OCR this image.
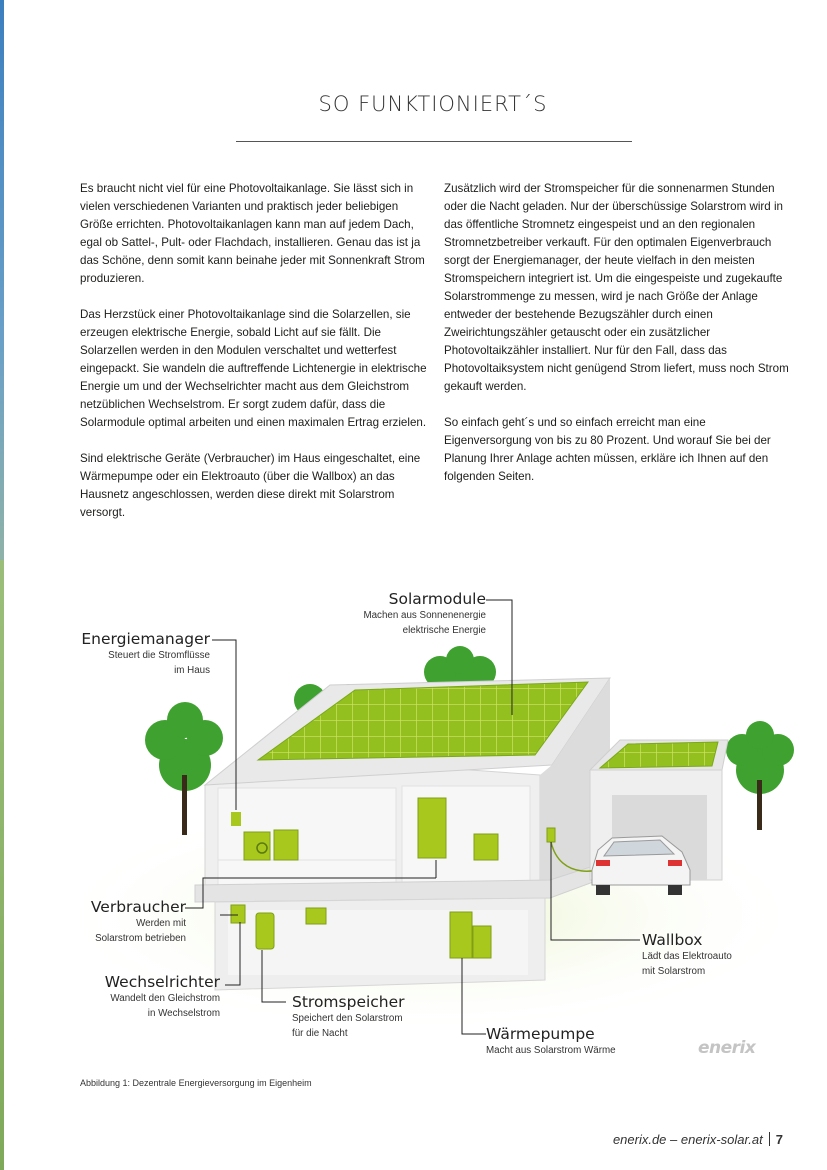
SO FUNKTIONIERT´S

Es braucht nicht viel für eine Photovoltaikanlage. Sie lässt sich in vielen verschiedenen Varianten und praktisch jeder beliebigen Größe errichten. Photovoltaikanlagen kann man auf jedem Dach, egal ob Sattel-, Pult- oder Flachdach, installieren. Genau das ist ja das Schöne, denn somit kann beinahe jeder mit Sonnenkraft Strom produzieren.

Das Herzstück einer Photovoltaikanlage sind die Solarzellen, sie erzeugen elektrische Energie, sobald Licht auf sie fällt. Die Solarzellen werden in den Modulen verschaltet und wetterfest eingepackt. Sie wandeln die auftreffende Lichtenergie in elektrische Energie um und der Wechselrichter macht aus dem Gleichstrom netzüblichen Wechselstrom. Er sorgt zudem dafür, dass die Solarmodule optimal arbeiten und einen maximalen Ertrag erzielen.

Sind elektrische Geräte (Verbraucher) im Haus eingeschaltet, eine Wärmepumpe oder ein Elektroauto (über die Wallbox) an das Hausnetz angeschlossen, werden diese direkt mit Solarstrom versorgt.

Zusätzlich wird der Stromspeicher für die sonnenarmen Stunden oder die Nacht geladen. Nur der überschüssige Solarstrom wird in das öffentliche Stromnetz eingespeist und an den regionalen Stromnetzbetreiber verkauft. Für den optimalen Eigenverbrauch sorgt der Energiemanager, der heute vielfach in den meisten Stromspeichern integriert ist. Um die eingespeiste und zugekaufte Solarstrommenge zu messen, wird je nach Größe der Anlage entweder der bestehende Bezugszähler durch einen Zweirichtungszähler getauscht oder ein zusätzlicher Photovoltaikzähler installiert. Nur für den Fall, dass das Photovoltaiksystem nicht genügend Strom liefert, muss noch Strom gekauft werden.

So einfach geht´s und so einfach erreicht man eine Eigenversorgung von bis zu 80 Prozent. Und worauf Sie bei der Planung Ihrer Anlage achten müssen, erkläre ich Ihnen auf den folgenden Seiten.

Solarmodule
Machen aus Sonnenenergie
elektrische Energie
Energiemanager
Steuert die Stromflüsse
im Haus
Verbraucher
Werden mit
Solarstrom betrieben
Wechselrichter
Wandelt den Gleichstrom
in Wechselstrom
Stromspeicher
Speichert den Solarstrom
für die Nacht	Wärmepumpe
Macht aus Solarstrom Wärme
Wallbox
Lädt das Elektroauto
mit Solarstrom
enerix
Abbildung 1: Dezentrale Energieversorgung im Eigenheim
enerix.de – enerix-solar.at 7
